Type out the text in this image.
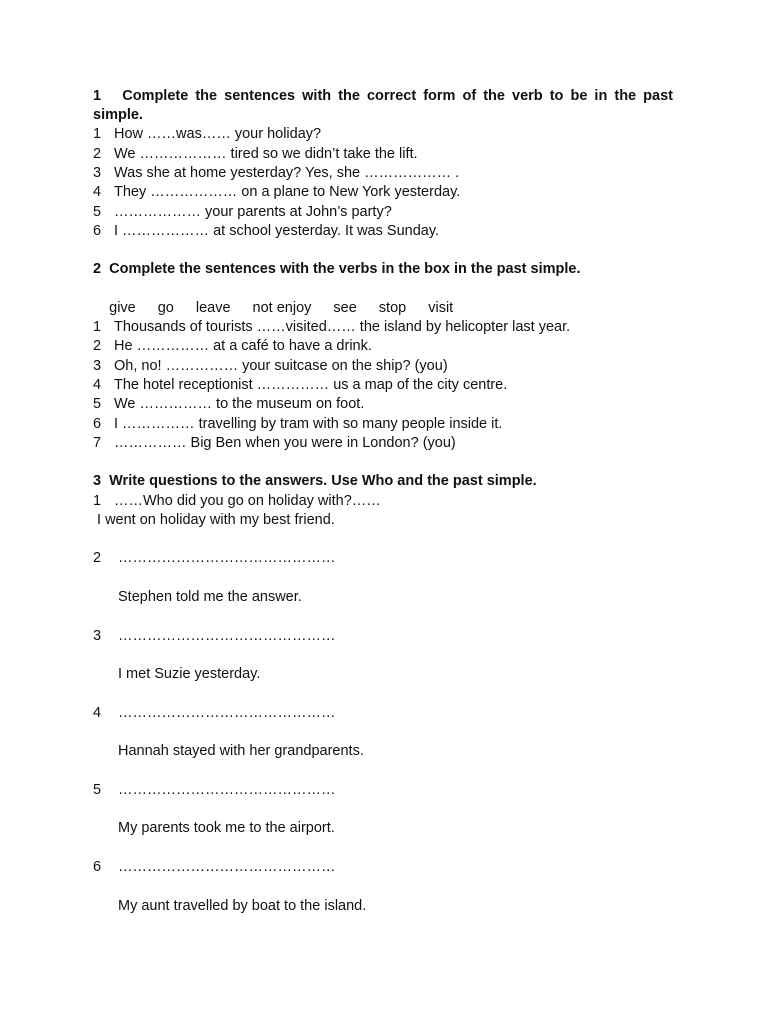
1   Complete the sentences with the correct form of the verb to be in the past
simple.
1 How ……was…… your holiday?
2 We ……………… tired so we didn’t take the lift.
3 Was she at home yesterday? Yes, she ……………… .
4 They ……………… on a plane to New York yesterday.
5 ……………… your parents at John’s party?
6 I ……………… at school yesterday. It was Sunday.
2  Complete the sentences with the verbs in the box in the past simple.

give go leave not enjoy see stop visit

1 Thousands of tourists ……visited…… the island by helicopter last year.
2 He …………… at a café to have a drink.
3 Oh, no! …………… your suitcase on the ship? (you)
4 The hotel receptionist …………… us a map of the city centre.
5 We …………… to the museum on foot.
6 I …………… travelling by tram with so many people inside it.
7 …………… Big Ben when you were in London? (you)
3  Write questions to the answers. Use Who and the past simple.
1 ……Who did you go on holiday with?……
I went on holiday with my best friend.
2 ………………………………………
Stephen told me the answer.
3 ………………………………………
I met Suzie yesterday.
4 ………………………………………
Hannah stayed with her grandparents.
5 ………………………………………
My parents took me to the airport.
6 ………………………………………
My aunt travelled by boat to the island.
